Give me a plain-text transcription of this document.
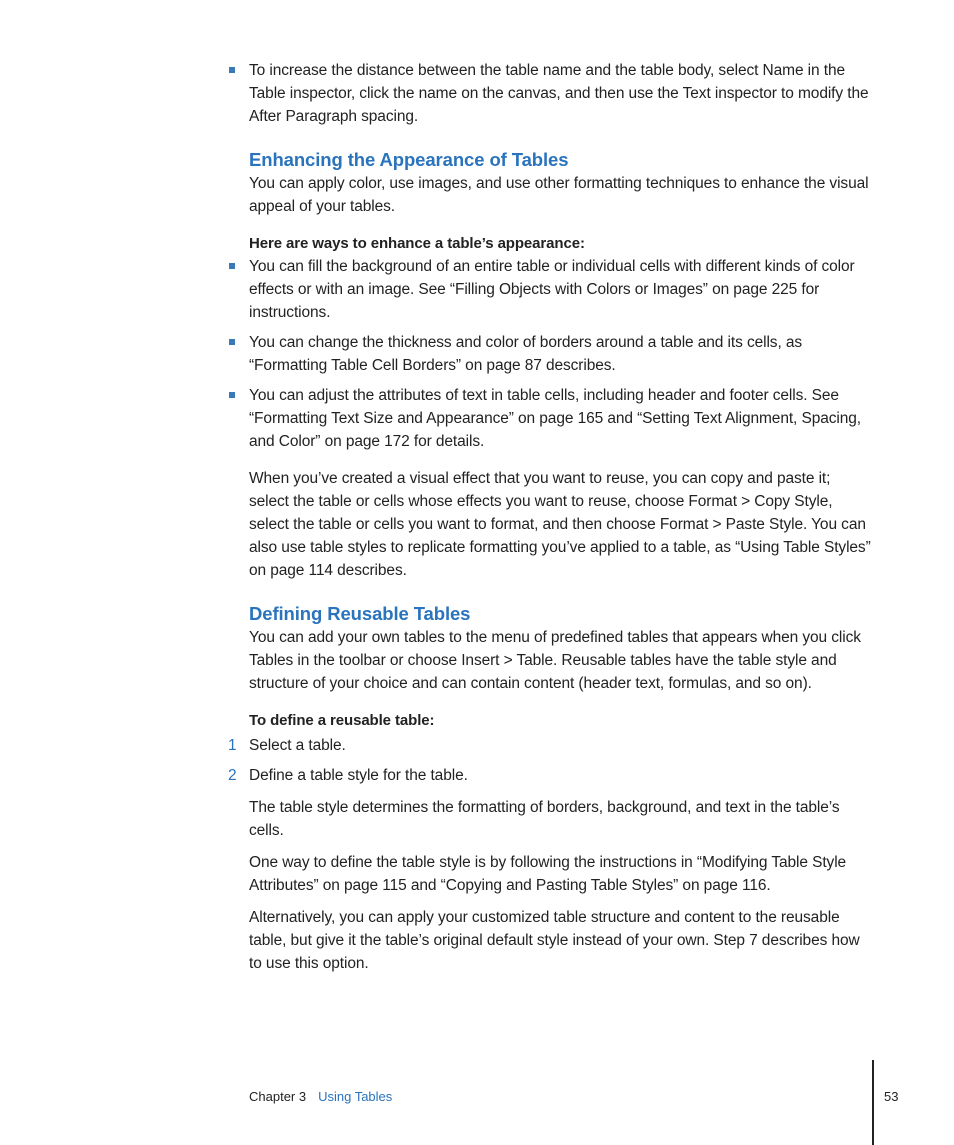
To increase the distance between the table name and the table body, select Name in the Table inspector, click the name on the canvas, and then use the Text inspector to modify the After Paragraph spacing.

Enhancing the Appearance of Tables

You can apply color, use images, and use other formatting techniques to enhance the visual appeal of your tables.

Here are ways to enhance a table’s appearance:

You can fill the background of an entire table or individual cells with different kinds of color effects or with an image. See “Filling Objects with Colors or Images” on page 225 for instructions.

You can change the thickness and color of borders around a table and its cells, as “Formatting Table Cell Borders” on page 87 describes.

You can adjust the attributes of text in table cells, including header and footer cells. See “Formatting Text Size and Appearance” on page 165 and “Setting Text Alignment, Spacing, and Color” on page 172 for details.

When you’ve created a visual effect that you want to reuse, you can copy and paste it; select the table or cells whose effects you want to reuse, choose Format > Copy Style, select the table or cells you want to format, and then choose Format > Paste Style. You can also use table styles to replicate formatting you’ve applied to a table, as “Using Table Styles” on page 114 describes.

Defining Reusable Tables

You can add your own tables to the menu of predefined tables that appears when you click Tables in the toolbar or choose Insert > Table. Reusable tables have the table style and structure of your choice and can contain content (header text, formulas, and so on).

To define a reusable table:

1 Select a table.

2 Define a table style for the table.

The table style determines the formatting of borders, background, and text in the table’s cells.

One way to define the table style is by following the instructions in “Modifying Table Style Attributes” on page 115 and “Copying and Pasting Table Styles” on page 116.

Alternatively, you can apply your customized table structure and content to the reusable table, but give it the table’s original default style instead of your own. Step 7 describes how to use this option.

Chapter 3 Using Tables	53
